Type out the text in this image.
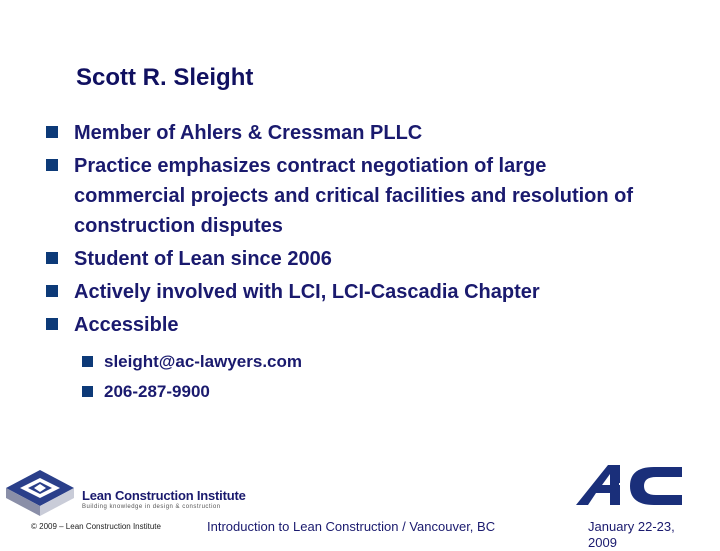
Scott R. Sleight
Member of Ahlers & Cressman PLLC
Practice emphasizes contract negotiation of large commercial projects and critical facilities and resolution of construction disputes
Student of Lean since 2006
Actively involved with LCI, LCI-Cascadia Chapter
Accessible
sleight@ac-lawyers.com
206-287-9900
Lean Construction Institute
Building knowledge in design & construction
© 2009 – Lean Construction Institute	Introduction to Lean Construction / Vancouver, BC	January 22-23, 2009
